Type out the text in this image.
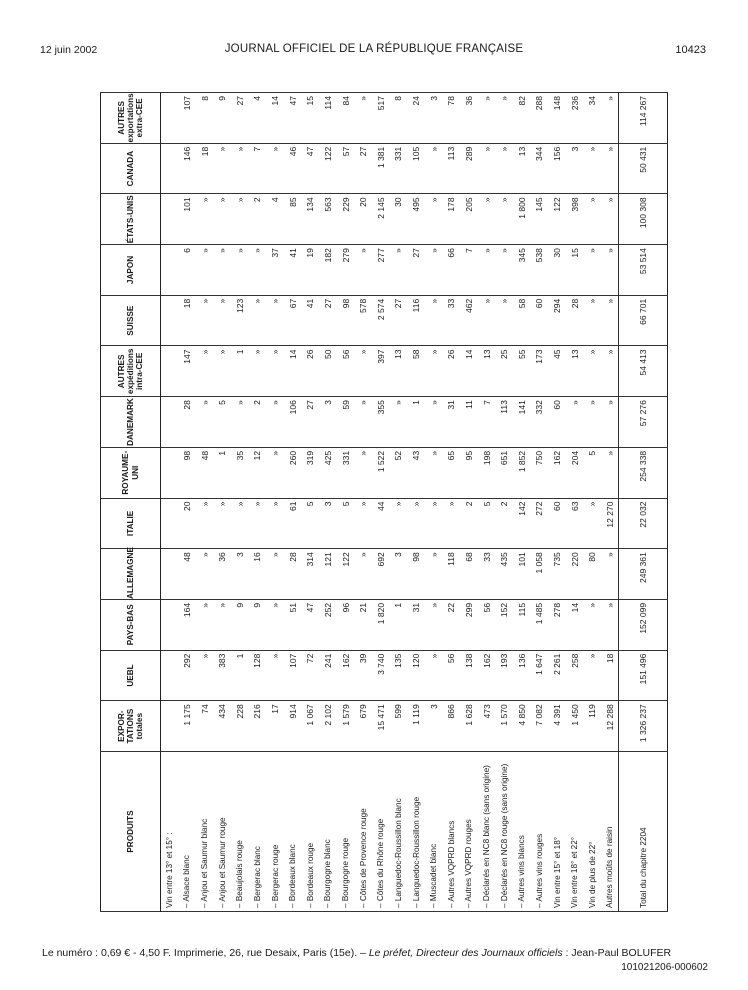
12 juin 2002	JOURNAL OFFICIEL DE LA RÉPUBLIQUE FRANÇAISE	10423
PRODUITS	EXPOR-TATIONS totales	UEBL	PAYS-BAS	ALLEMAGNE	ITALIE	ROYAUME-UNI	DANEMARK	AUTRES expéditions intra-CEE	SUISSE	JAPON	ÉTATS-UNIS	CANADA	AUTRES exportations extra-CEE
Vin entre 13° et 15° :													
– Alsace blanc	1 175	292	164	48	20	98	28	147	18	6	101	146	107
– Anjou et Saumur blanc	74	»	»	»	»	48	»	»	»	»	»	18	8
– Anjou et Saumur rouge	434	383	»	36	»	1	5	»	»	»	»	»	9
– Beaujolais rouge	228	1	9	3	»	35	»	1	123	»	»	»	27
– Bergerac blanc	216	128	9	16	»	12	2	»	»	»	2	7	4
– Bergerac rouge	17	»	»	»	»	»	»	»	»	37	4	»	14
– Bordeaux blanc	914	107	51	28	61	260	106	14	67	41	85	46	47
– Bordeaux rouge	1 067	72	47	314	5	319	27	26	41	19	134	47	15
– Bourgogne blanc	2 102	241	252	121	3	425	3	50	27	182	563	122	114
– Bourgogne rouge	1 579	162	96	122	5	331	59	56	98	279	229	57	84
– Côtes de Provence rouge	679	39	21	»	»	»	»	»	578	»	20	27	»
– Côtes du Rhône rouge	15 471	3 740	1 820	692	44	1 522	355	397	2 574	277	2 145	1 381	517
– Languedoc-Roussillon blanc	599	135	1	3	»	52	»	13	27	»	30	331	8
– Languedoc-Roussillon rouge	1 119	120	31	98	»	43	1	58	116	27	495	105	24
– Muscadet blanc	3	»	»	»	»	»	»	»	»	»	»	»	3
– Autres VQPRD blancs	866	56	22	118	»	65	31	26	33	66	178	113	78
– Autres VQPRD rouges	1 628	138	299	68	2	95	11	14	462	7	205	289	36
– Déclarés en NC8 blanc (sans origine)	473	162	56	33	5	198	7	13	»	»	»	»	»
– Déclarés en NC8 rouge (sans origine)	1 570	193	152	435	2	651	113	25	»	»	»	»	»
– Autres vins blancs	4 850	136	115	101	142	1 852	141	55	58	345	1 800	13	82
– Autres vins rouges	7 082	1 647	1 485	1 058	272	750	332	173	60	538	145	344	288
Vin entre 15° et 18°	4 391	2 261	278	735	60	162	60	45	294	30	122	156	148
Vin entre 18° et 22°	1 450	258	14	220	63	204	»	13	28	15	398	3	236
Vin de plus de 22°	119	»	»	80	»	5	»	»	»	»	»	»	34
Autres moûts de raisin	12 288	18	»	»	12 270	»	»	»	»	»	»	»	»
Total du chapitre 2204	1 326 237	151 496	152 099	249 361	22 032	254 338	57 276	54 413	66 701	53 514	100 308	50 431	114 267
Le numéro : 0,69 € - 4,50 F. Imprimerie, 26, rue Desaix, Paris (15e). – Le préfet, Directeur des Journaux officiels : Jean-Paul BOLUFER
101021206-000602
